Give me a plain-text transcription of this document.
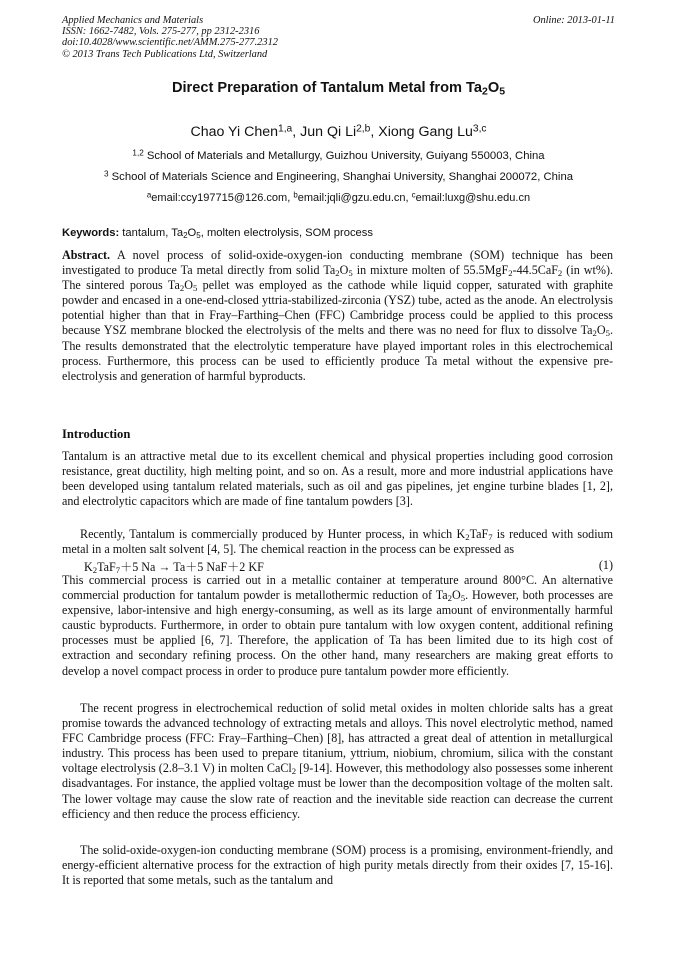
Applied Mechanics and Materials
ISSN: 1662-7482, Vols. 275-277, pp 2312-2316
doi:10.4028/www.scientific.net/AMM.275-277.2312
© 2013 Trans Tech Publications Ltd, Switzerland
Online: 2013-01-11
Direct Preparation of Tantalum Metal from $Ta_2O_5$
Chao Yi Chen$^{1,a}$, Jun Qi Li$^{2,b}$, Xiong Gang Lu$^{3,c}$
$^{1,2}$ School of Materials and Metallurgy, Guizhou University, Guiyang 550003, China
$^3$ School of Materials Science and Engineering, Shanghai University, Shanghai 200072, China
$^a$email:ccy197715@126.com, $^b$email:jqli@gzu.edu.cn, $^c$email:luxg@shu.edu.cn
Keywords: tantalum, $Ta_2O_5$, molten electrolysis, SOM process

Abstract. A novel process of solid-oxide-oxygen-ion conducting membrane (SOM) technique has been investigated to produce Ta metal directly from solid $Ta_2O_5$ in mixture molten of 55.5MgF$_2$-44.5CaF$_2$ (in wt%). The sintered porous $Ta_2O_5$ pellet was employed as the cathode while liquid copper, saturated with graphite powder and encased in a one-end-closed yttria-stabilized-zirconia (YSZ) tube, acted as the anode. An electrolysis potential higher than that in Fray–Farthing–Chen (FFC) Cambridge process could be applied to this process because YSZ membrane blocked the electrolysis of the melts and there was no need for flux to dissolve $Ta_2O_5$. The results demonstrated that the electrolytic temperature have played important roles in this electrochemical process. Furthermore, this process can be used to efficiently produce Ta metal without the expensive pre-electrolysis and generation of harmful byproducts.

Introduction

Tantalum is an attractive metal due to its excellent chemical and physical properties including good corrosion resistance, great ductility, high melting point, and so on. As a result, more and more industrial applications have been developed using tantalum related materials, such as oil and gas pipelines, jet engine turbine blades [1, 2], and electrolytic capacitors which are made of fine tantalum powders [3].

Recently, Tantalum is commercially produced by Hunter process, in which $K_2TaF_7$ is reduced with sodium metal in a molten salt solvent [4, 5]. The chemical reaction in the process can be expressed as

$K_2TaF_7+5$ Na → Ta＋5 NaF＋2 KF	(1)

This commercial process is carried out in a metallic container at temperature around 800°C. An alternative commercial production for tantalum powder is metallothermic reduction of $Ta_2O_5$. However, both processes are expensive, labor-intensive and high energy-consuming, as well as its large amount of environmentally harmful caustic byproducts. Furthermore, in order to obtain pure tantalum with low oxygen content, additional refining processes must be applied [6, 7]. Therefore, the application of Ta has been limited due to its high cost of extraction and secondary refining process. On the other hand, many researchers are making great efforts to develop a novel compact process in order to produce pure tantalum powder more efficiently.

The recent progress in electrochemical reduction of solid metal oxides in molten chloride salts has a great promise towards the advanced technology of extracting metals and alloys. This novel electrolytic method, named FFC Cambridge process (FFC: Fray–Farthing–Chen) [8], has attracted a great deal of attention in metallurgical industry. This process has been used to prepare titanium, yttrium, niobium, chromium, silica with the constant voltage electrolysis (2.8–3.1 V) in molten CaCl$_2$ [9-14]. However, this methodology also possesses some inherent disadvantages. For instance, the applied voltage must be lower than the decomposition voltage of the molten salt. The lower voltage may cause the slow rate of reaction and the inevitable side reaction can decrease the current efficiency and then reduce the process efficiency.

The solid-oxide-oxygen-ion conducting membrane (SOM) process is a promising, environment-friendly, and energy-efficient alternative process for the extraction of high purity metals directly from their oxides [7, 15-16]. It is reported that some metals, such as the tantalum and
